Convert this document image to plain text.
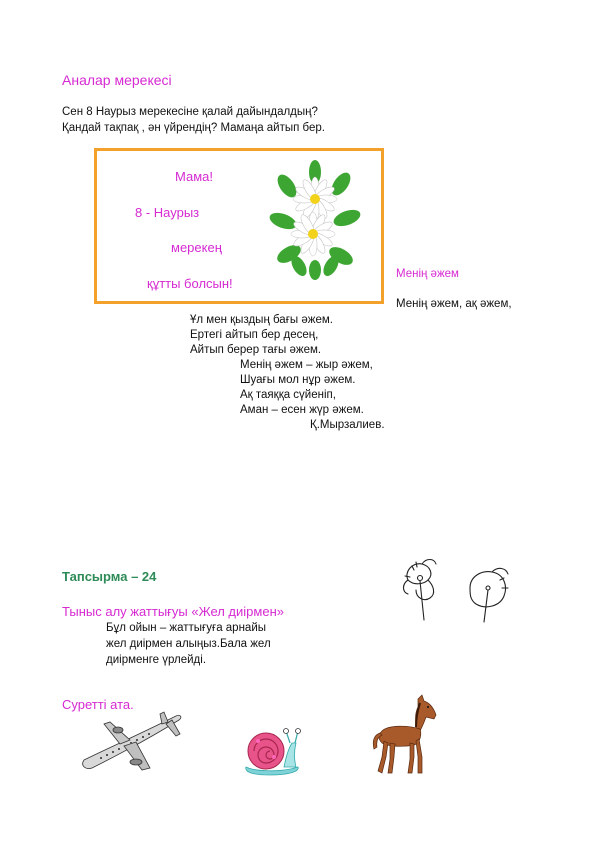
Аналар мерекесі
Сен 8 Наурыз мерекесіне қалай дайындалдың?
Қандай тақпақ , ән үйрендің? Мамаңа айтып бер.
Мама!
8 - Наурыз
мерекең
құтты болсын!
Менің әжем
Менің әжем, ақ әжем,
Ұл мен қыздың бағы әжем.
Ертегі айтып бер десең,
Айтып берер тағы әжем.
Менің әжем – жыр әжем,
Шуағы мол нұр әжем.
Ақ таяққа сүйеніп,
Аман – есен жүр әжем.
Қ.Мырзалиев.
Тапсырма – 24
Тыныс алу жаттығуы «Жел диірмен»
Бұл ойын – жаттығуға арнайы
жел диірмен алыңыз.Бала жел
диірменге үрлейді.
Суретті ата.
